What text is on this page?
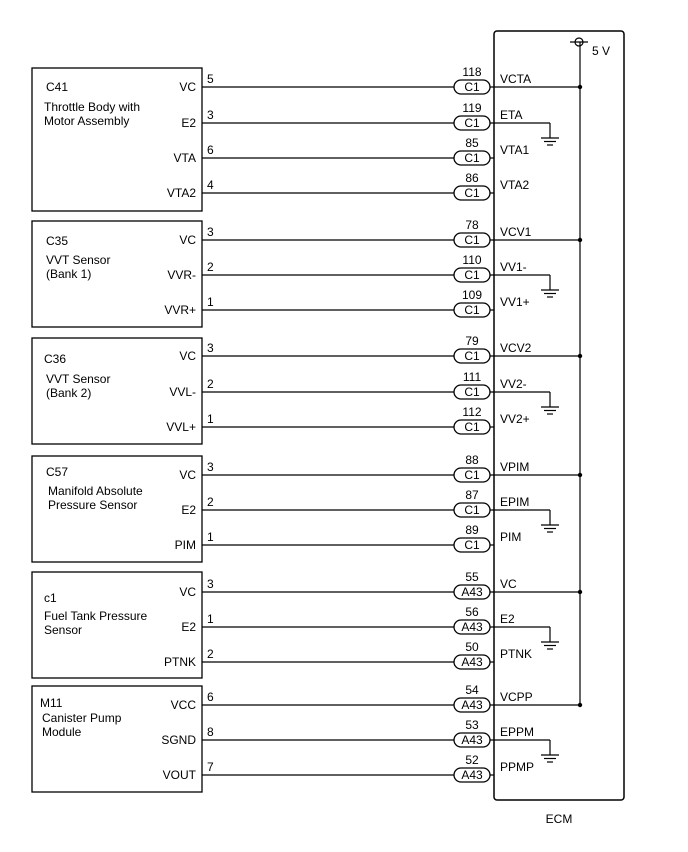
C41
Throttle Body with
Motor Assembly
VC
5
C1
118 VCTA
E2
3
C1
119 ETA
VTA
6
C1
85 VTA1
VTA2
4
C1
86 VTA2
C35
VVT Sensor
(Bank 1)
VC
3
C1
78 VCV1
VVR-
2
C1
110 VV1-
VVR+
1
C1
109 VV1+
C36
VVT Sensor
(Bank 2)
VC
3
C1
79 VCV2
VVL-
2
C1
111 VV2-
VVL+
1
C1
112 VV2+
C57
Manifold Absolute
Pressure Sensor
VC
3
C1
88 VPIM
E2
2
C1
87 EPIM
PIM
1
C1
89 PIM
c1
Fuel Tank Pressure
Sensor
VC
3
A43
55 VC
E2
1
A43
56 E2
PTNK
2
A43
50 PTNK
M11
Canister Pump
Module
VCC
6
A43
54 VCPP
SGND
8
A43
53 EPPM
VOUT
7
A43
52 PPMP
ECM
5 V
